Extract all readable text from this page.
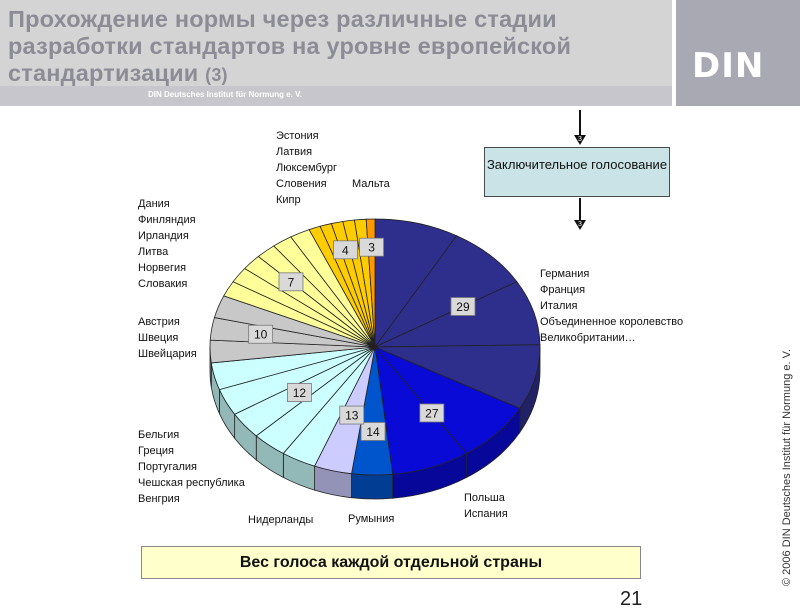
Прохождение нормы через различные стадии разработки стандартов на уровне европейской стандартизации (3)
DIN Deutsches Institut für Normung e. V.
DIN
3
3
29
27
14
13
12
10
7
4 3
Заключительное голосование
Германия
Франция
Италия
Объединенное королевство
Великобритании…
Польша
Испания
Румыния
Нидерланды
Бельгия
Греция
Португалия
Чешская республика
Венгрия
Австрия
Швеция
Швейцария
Дания
Финляндия
Ирландия
Литва
Норвегия
Словакия
Эстония
Латвия
Люксембург
Словения
Кипр
Мальта
Вес голоса каждой отдельной страны
21
© 2006 DIN Deutsches Institut für Normung e. V.
